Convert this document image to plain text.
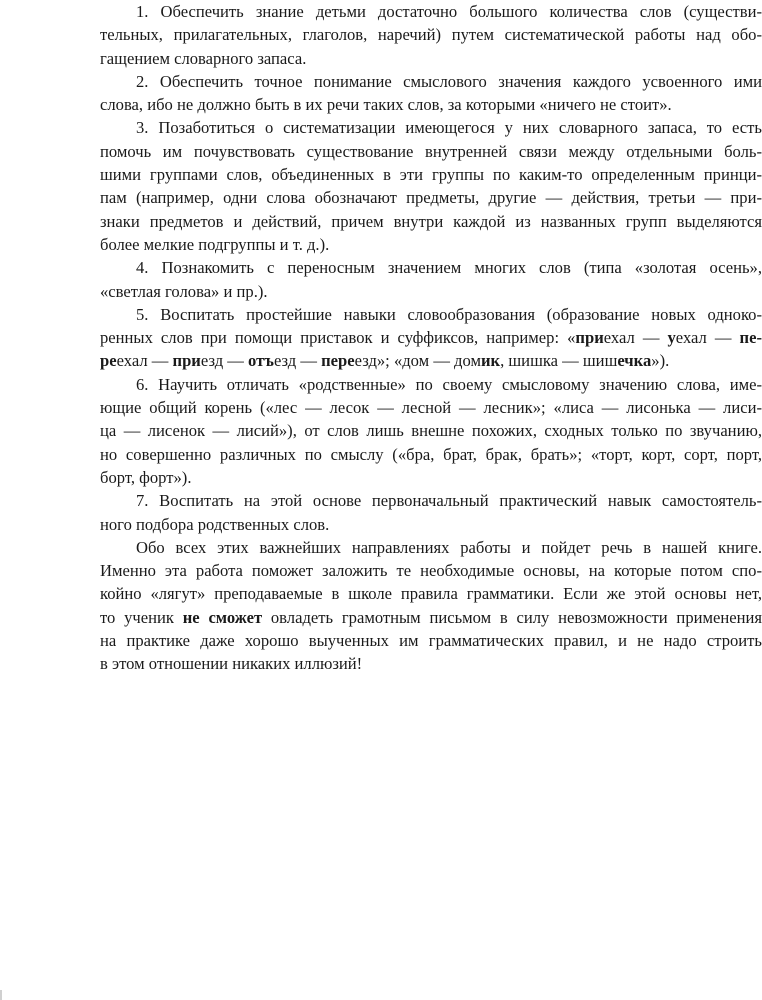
1. Обеспечить знание детьми достаточно большого количества слов (существи-
тельных, прилагательных, глаголов, наречий) путем систематической работы над обо-
гащением словарного запаса.
2. Обеспечить точное понимание смыслового значения каждого усвоенного ими
слова, ибо не должно быть в их речи таких слов, за которыми «ничего не стоит».
3. Позаботиться о систематизации имеющегося у них словарного запаса, то есть
помочь им почувствовать существование внутренней связи между отдельными боль-
шими группами слов, объединенных в эти группы по каким-то определенным принци-
пам (например, одни слова обозначают предметы, другие — действия, третьи — при-
знаки предметов и действий, причем внутри каждой из названных групп выделяются
более мелкие подгруппы и т. д.).
4. Познакомить с переносным значением многих слов (типа «золотая осень»,
«светлая голова» и пр.).
5. Воспитать простейшие навыки словообразования (образование новых одноко-
ренных слов при помощи приставок и суффиксов, например: «приехал — уехал — пе-
реехал — приезд — отъезд — переезд»; «дом — домик, шишка — шишечка»).
6. Научить отличать «родственные» по своему смысловому значению слова, име-
ющие общий корень («лес — лесок — лесной — лесник»; «лиса — лисонька — лиси-
ца — лисенок — лисий»), от слов лишь внешне похожих, сходных только по звучанию,
но совершенно различных по смыслу («бра, брат, брак, брать»; «торт, корт, сорт, порт,
борт, форт»).
7. Воспитать на этой основе первоначальный практический навык самостоятель-
ного подбора родственных слов.
Обо всех этих важнейших направлениях работы и пойдет речь в нашей книге.
Именно эта работа поможет заложить те необходимые основы, на которые потом спо-
койно «лягут» преподаваемые в школе правила грамматики. Если же этой основы нет,
то ученик не сможет овладеть грамотным письмом в силу невозможности применения
на практике даже хорошо выученных им грамматических правил, и не надо строить
в этом отношении никаких иллюзий!
